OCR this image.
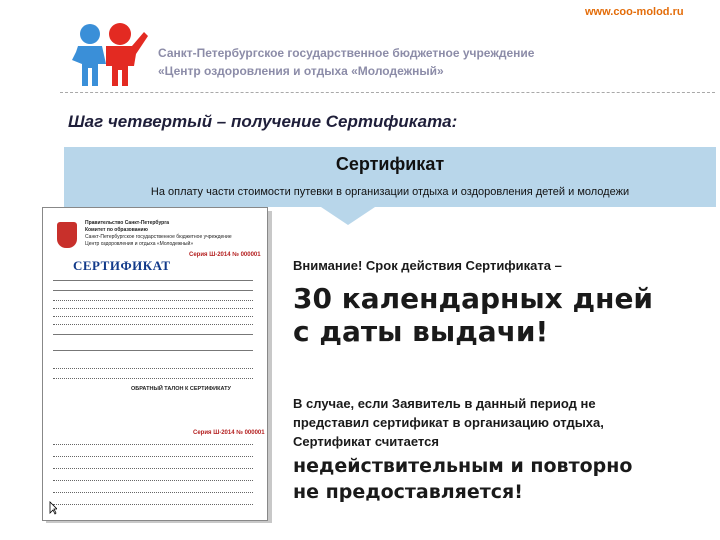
www.coo-molod.ru
Санкт-Петербургское государственное бюджетное учреждение
«Центр оздоровления и отдыха «Молодежный»
Шаг четвертый – получение Сертификата:
Сертификат
На оплату части стоимости путевки в организации отдыха и оздоровления детей и молодежи
Правительство Санкт-Петербурга
Комитет по образованию
Санкт-Петербургское государственное бюджетное учреждение
Центр оздоровления и отдыха «Молодежный»
Серия Ш-2014 № 000001
СЕРТИФИКАТ
ОБРАТНЫЙ ТАЛОН К СЕРТИФИКАТУ
Серия Ш-2014 № 000001
Внимание! Срок действия Сертификата –
30 календарных дней
с даты выдачи!
В случае, если Заявитель в данный период не
представил сертификат в организацию отдыха,
Сертификат считается
недействительным и повторно
не предоставляется!
